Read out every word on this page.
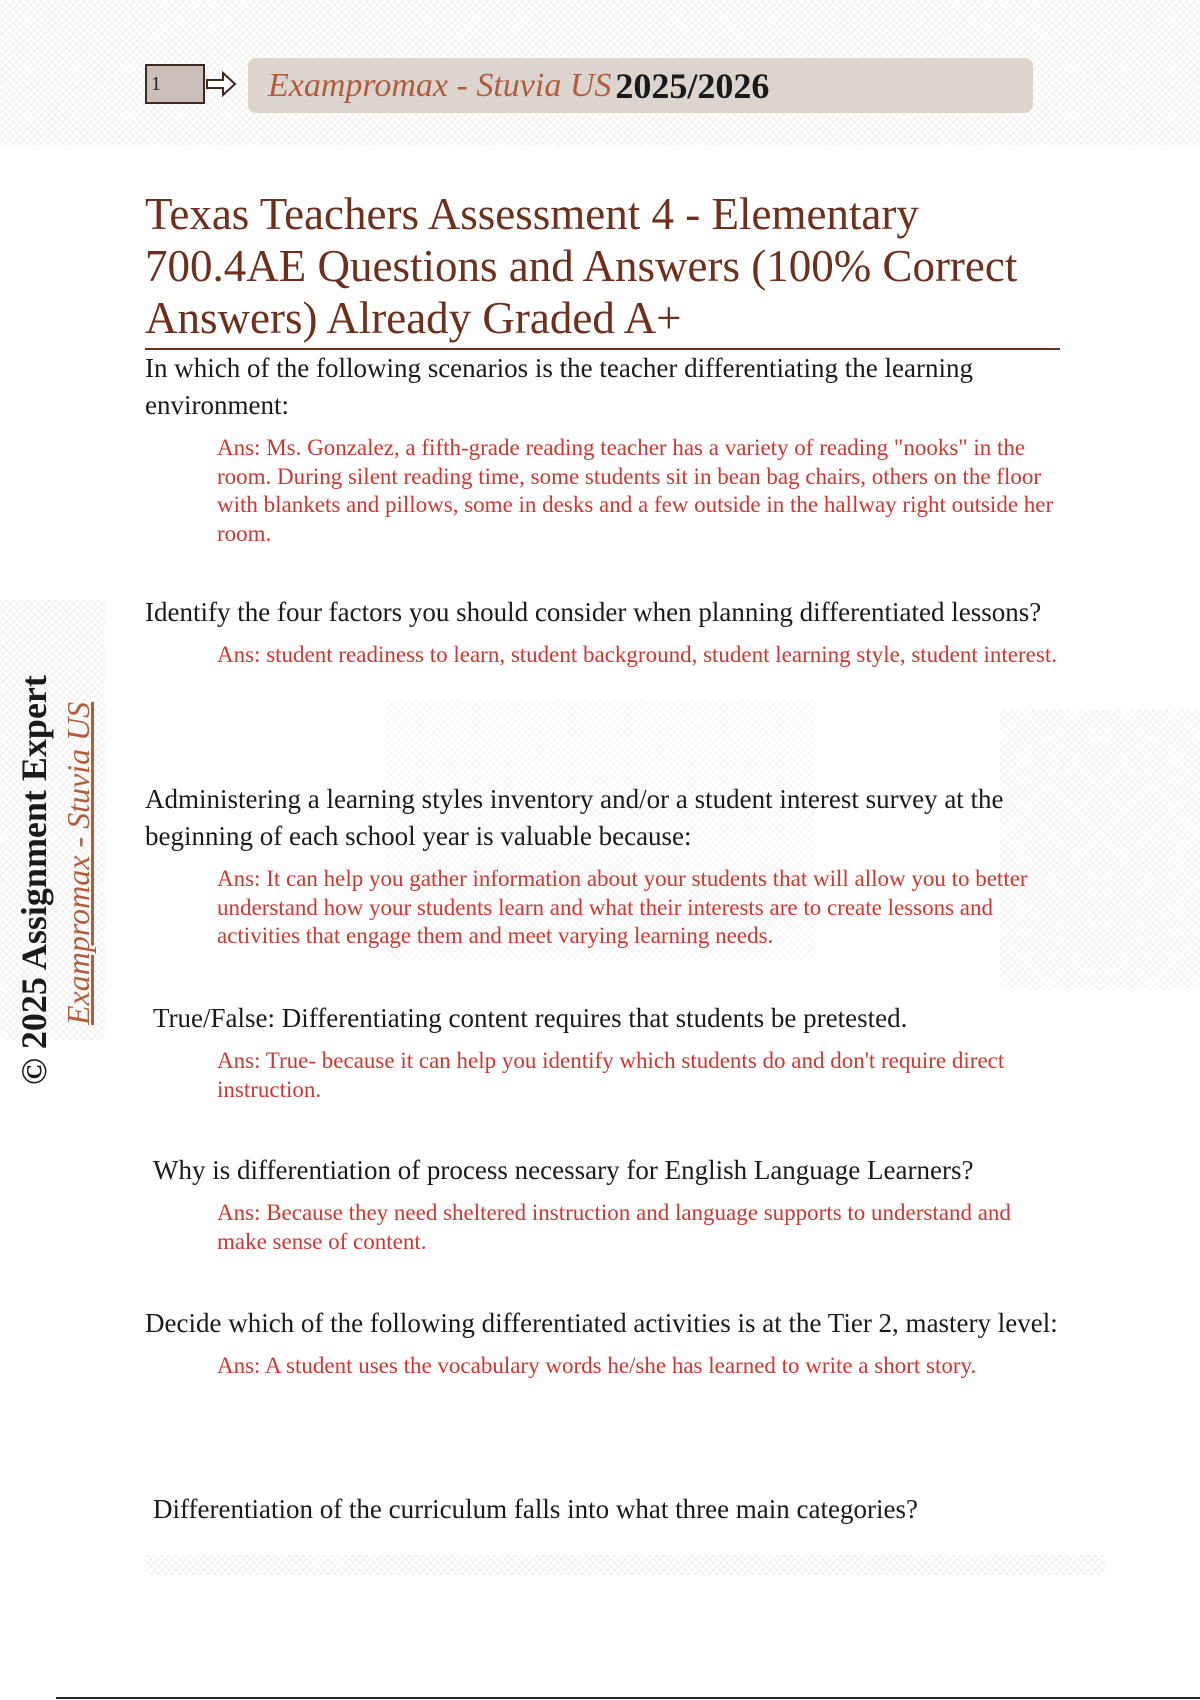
1	Exampromax - Stuvia US 2025/2026
© 2025 Assignment Expert Exampromax - Stuvia US
Texas Teachers Assessment 4 - Elementary 700.4AE Questions and Answers (100% Correct Answers) Already Graded A+

In which of the following scenarios is the teacher differentiating the learning environment:

Ans: Ms. Gonzalez, a fifth-grade reading teacher has a variety of reading "nooks" in the room. During silent reading time, some students sit in bean bag chairs, others on the floor with blankets and pillows, some in desks and a few outside in the hallway right outside her room.

Identify the four factors you should consider when planning differentiated lessons?

Ans: student readiness to learn, student background, student learning style, student interest.

Administering a learning styles inventory and/or a student interest survey at the beginning of each school year is valuable because:

Ans: It can help you gather information about your students that will allow you to better understand how your students learn and what their interests are to create lessons and activities that engage them and meet varying learning needs.

True/False: Differentiating content requires that students be pretested.

Ans: True- because it can help you identify which students do and don't require direct instruction.

Why is differentiation of process necessary for English Language Learners?

Ans: Because they need sheltered instruction and language supports to understand and make sense of content.

Decide which of the following differentiated activities is at the Tier 2, mastery level:

Ans: A student uses the vocabulary words he/she has learned to write a short story.

Differentiation of the curriculum falls into what three main categories?
